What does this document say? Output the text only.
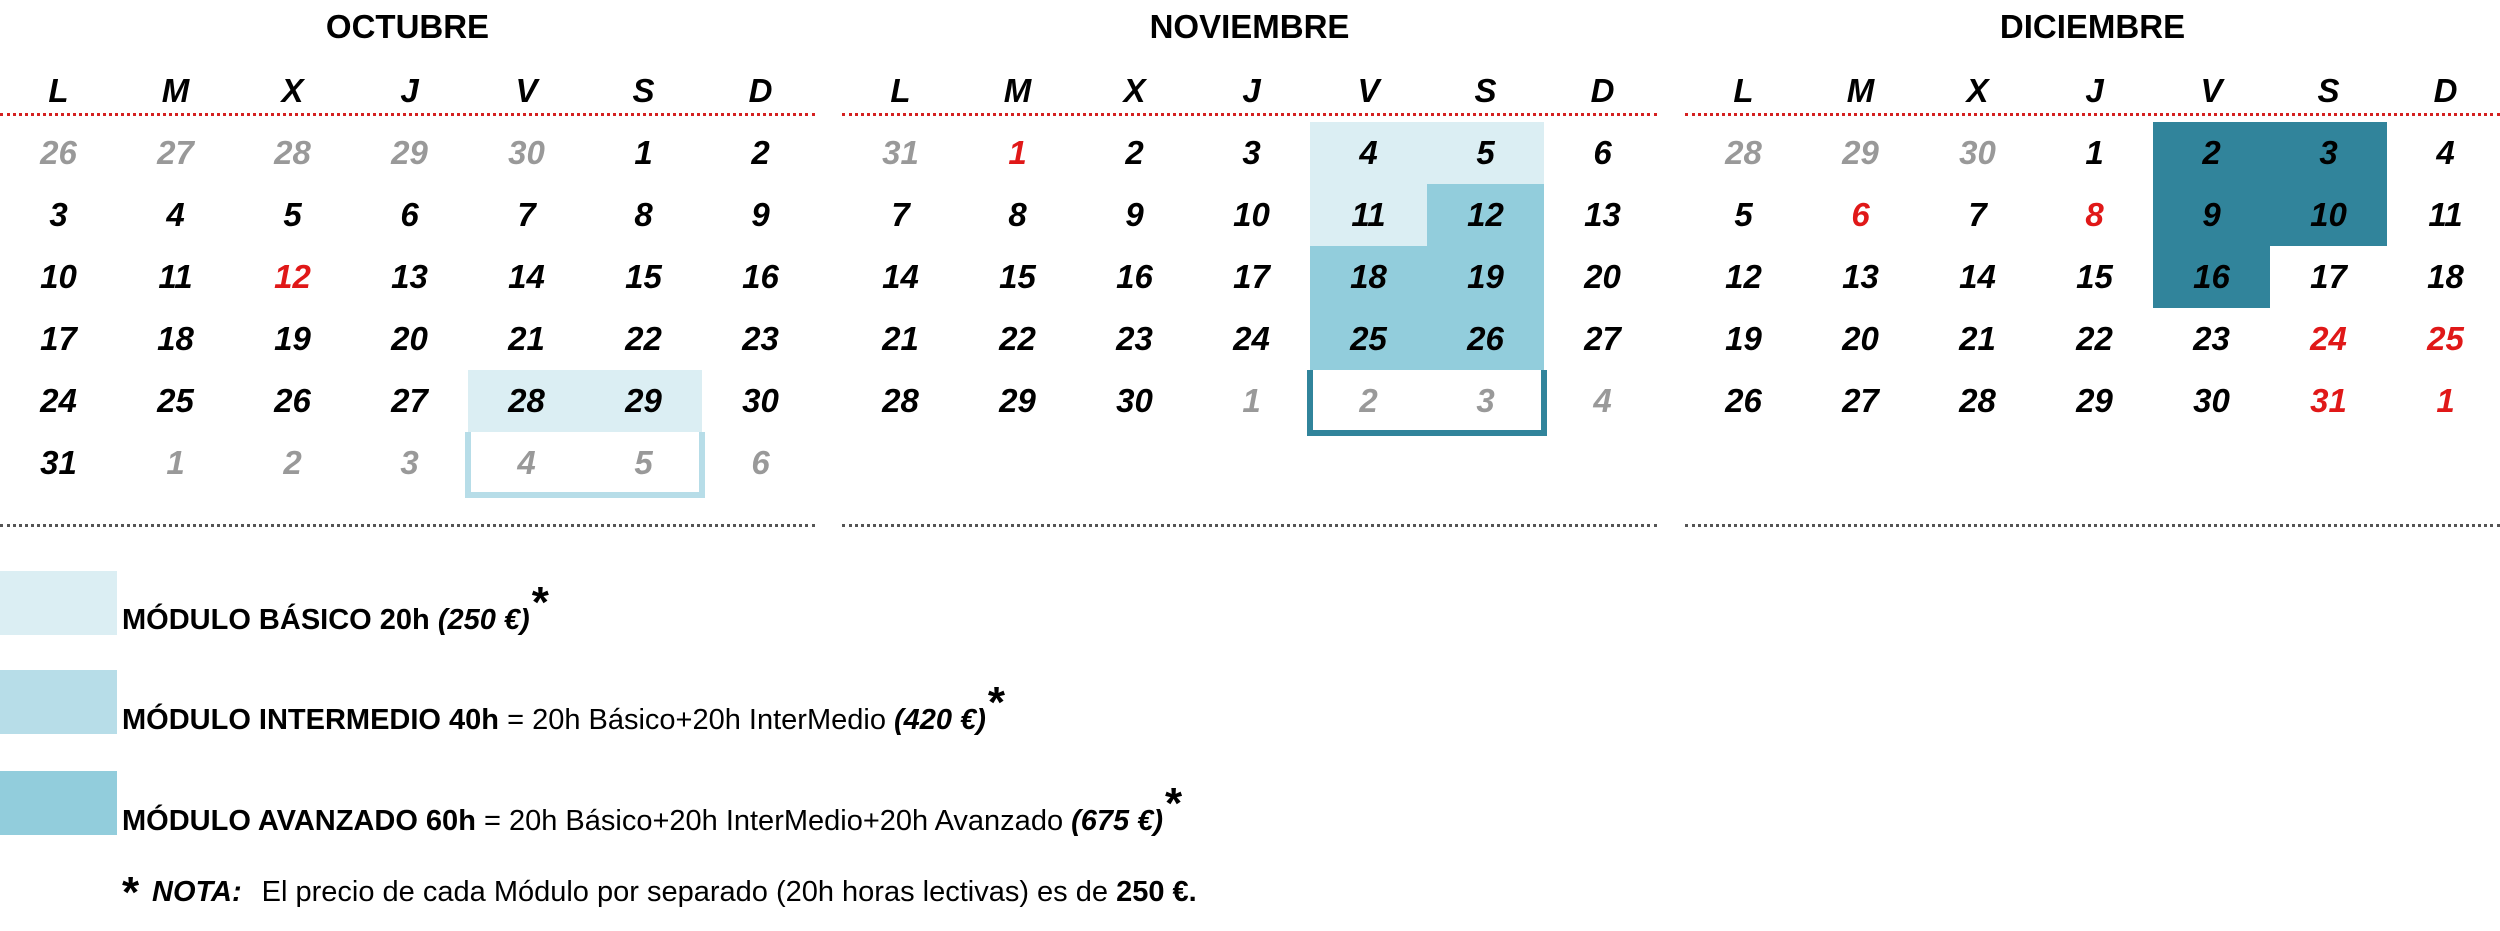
OCTUBRE
L	M	X	J	V	S	D
26	27	28	29	30	1	2
3	4	5	6	7	8	9
10	11	12	13	14	15	16
17	18	19	20	21	22	23
24	25	26	27	28	29	30
31	1	2	3	4	5	6
NOVIEMBRE
L	M	X	J	V	S	D
31	1	2	3	4	5	6
7	8	9	10	11	12	13
14	15	16	17	18	19	20
21	22	23	24	25	26	27
28	29	30	1	2	3	4
DICIEMBRE
L	M	X	J	V	S	D
28	29	30	1	2	3	4
5	6	7	8	9	10	11
12	13	14	15	16	17	18
19	20	21	22	23	24	25
26	27	28	29	30	31	1
MÓDULO BÁSICO 20h (250 €)*
MÓDULO INTERMEDIO 40h = 20h Básico+20h InterMedio (420 €)*
MÓDULO AVANZADO 60h = 20h Básico+20h InterMedio+20h Avanzado (675 €)*
* NOTA: El precio de cada Módulo por separado (20h horas lectivas) es de 250 €.
